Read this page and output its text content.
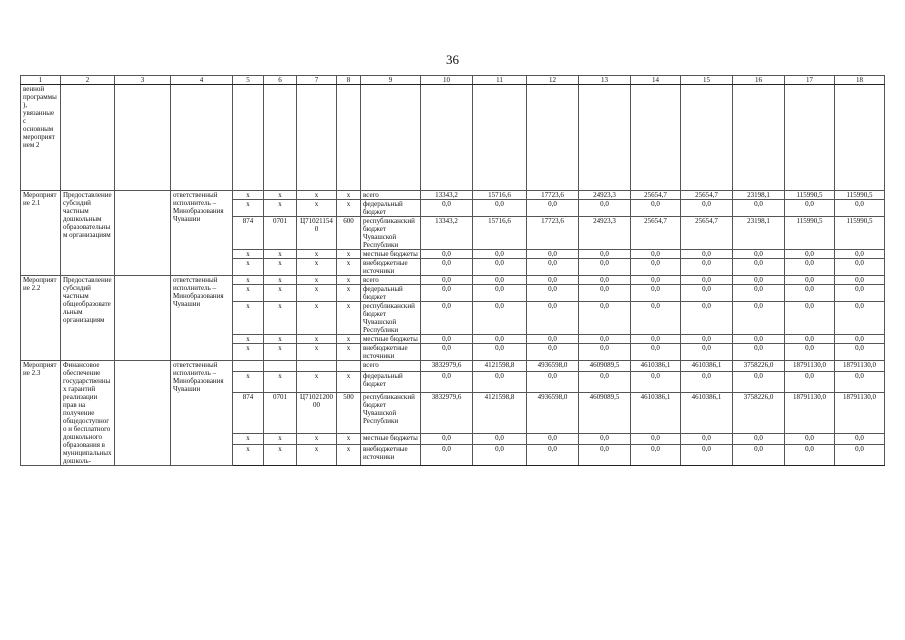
36
1	2	3	4	5	6	7	8	9	10	11	12	13	14	15	16	17	18
венной программы), увязанные с основным мероприятием 2																	
Мероприятие 2.1	Предоставление субсидий частным дошкольным образовательным организациям		ответственный исполнитель – Минобразования Чувашии	x	x	x	x	всего	13343,2	15716,6	17723,6	24923,3	25654,7	25654,7	23198,1	115990,5	115990,5
				x	x	x	x	федеральный бюджет	0,0	0,0	0,0	0,0	0,0	0,0	0,0	0,0	0,0
				874	0701	Ц710211540	600	республиканский бюджет Чувашской Республики	13343,2	15716,6	17723,6	24923,3	25654,7	25654,7	23198,1	115990,5	115990,5
				x	x	x	x	местные бюджеты	0,0	0,0	0,0	0,0	0,0	0,0	0,0	0,0	0,0
				x	x	x	x	внебюджетные источники	0,0	0,0	0,0	0,0	0,0	0,0	0,0	0,0	0,0
Мероприятие 2.2	Предоставление субсидий частным общеобразовательным организациям		ответственный исполнитель – Минобразования Чувашии	x	x	x	x	всего	0,0	0,0	0,0	0,0	0,0	0,0	0,0	0,0	0,0
				x	x	x	x	федеральный бюджет	0,0	0,0	0,0	0,0	0,0	0,0	0,0	0,0	0,0
				x	x	x	x	республиканский бюджет Чувашской Республики	0,0	0,0	0,0	0,0	0,0	0,0	0,0	0,0	0,0
				x	x	x	x	местные бюджеты	0,0	0,0	0,0	0,0	0,0	0,0	0,0	0,0	0,0
				x	x	x	x	внебюджетные источники	0,0	0,0	0,0	0,0	0,0	0,0	0,0	0,0	0,0
Мероприятие 2.3	Финансовое обеспечение государственных гарантий реализации прав на получение общедоступного и бесплатного дошкольного образования в муниципальных дошколь-		ответственный исполнитель – Минобразования Чувашии					всего	3832979,6	4121598,8	4936598,0	4609089,5	4610386,1	4610386,1	3758226,0	18791130,0	18791130,0
				x	x	x	x	федеральный бюджет	0,0	0,0	0,0	0,0	0,0	0,0	0,0	0,0	0,0
				874	0701	Ц7102120000	500	республиканский бюджет Чувашской Республики	3832979,6	4121598,8	4936598,0	4609089,5	4610386,1	4610386,1	3758226,0	18791130,0	18791130,0
				x	x	x	x	местные бюджеты	0,0	0,0	0,0	0,0	0,0	0,0	0,0	0,0	0,0
				x	x	x	x	внебюджетные источники	0,0	0,0	0,0	0,0	0,0	0,0	0,0	0,0	0,0
